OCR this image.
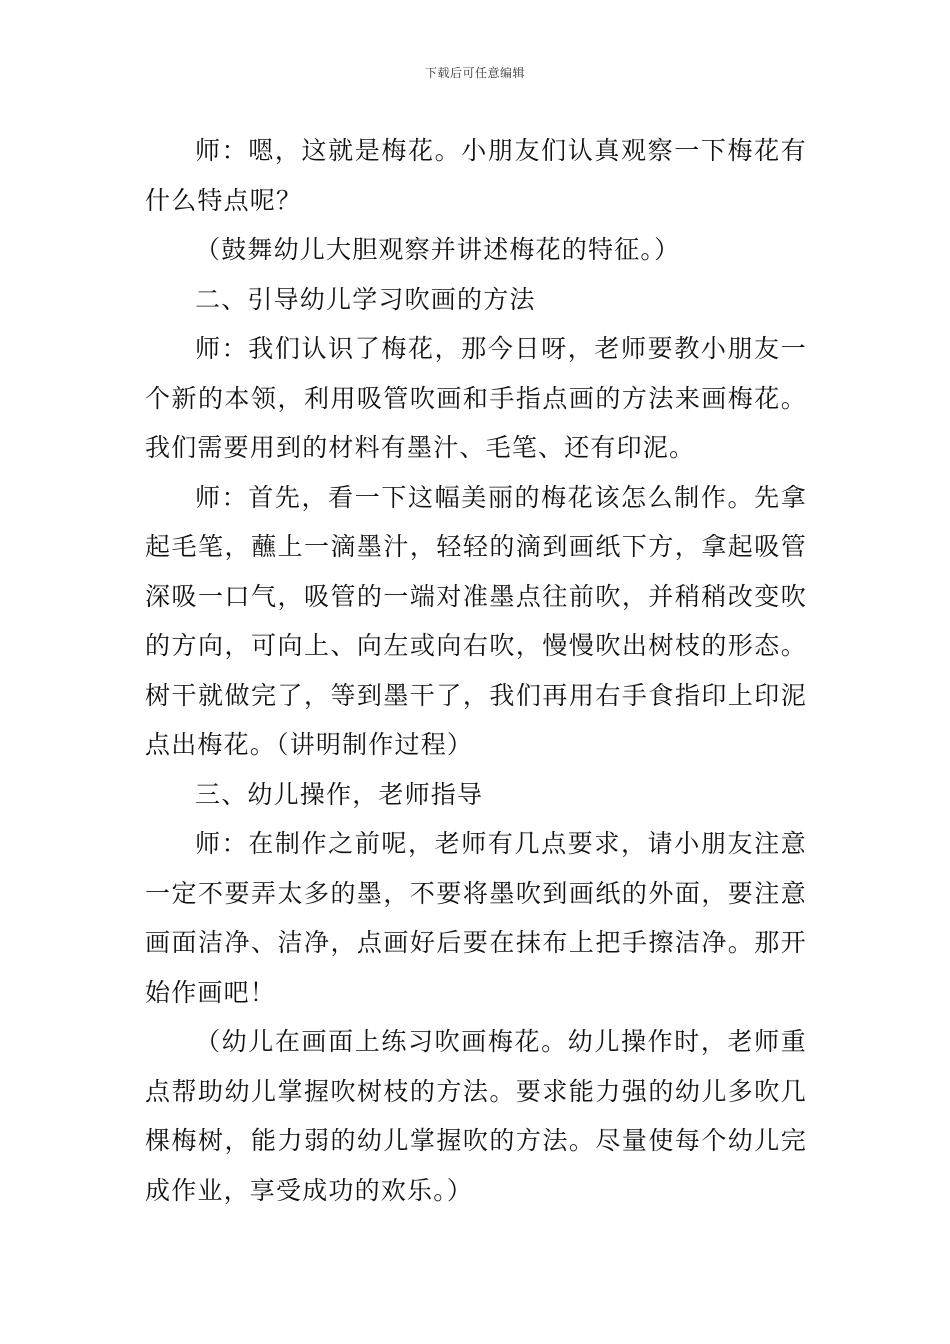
下载后可任意编辑

师：嗯，这就是梅花。小朋友们认真观察一下梅花有什么特点呢？

（鼓舞幼儿大胆观察并讲述梅花的特征。）

二、引导幼儿学习吹画的方法

师：我们认识了梅花，那今日呀，老师要教小朋友一个新的本领，利用吸管吹画和手指点画的方法来画梅花。我们需要用到的材料有墨汁、毛笔、还有印泥。

师：首先，看一下这幅美丽的梅花该怎么制作。先拿起毛笔，蘸上一滴墨汁，轻轻的滴到画纸下方，拿起吸管深吸一口气，吸管的一端对准墨点往前吹，并稍稍改变吹的方向，可向上、向左或向右吹，慢慢吹出树枝的形态。树干就做完了，等到墨干了，我们再用右手食指印上印泥点出梅花。（讲明制作过程）

三、幼儿操作，老师指导

师：在制作之前呢，老师有几点要求，请小朋友注意一定不要弄太多的墨，不要将墨吹到画纸的外面，要注意画面洁净、洁净，点画好后要在抹布上把手擦洁净。那开始作画吧！

（幼儿在画面上练习吹画梅花。幼儿操作时，老师重点帮助幼儿掌握吹树枝的方法。要求能力强的幼儿多吹几棵梅树，能力弱的幼儿掌握吹的方法。尽量使每个幼儿完成作业，享受成功的欢乐。）
